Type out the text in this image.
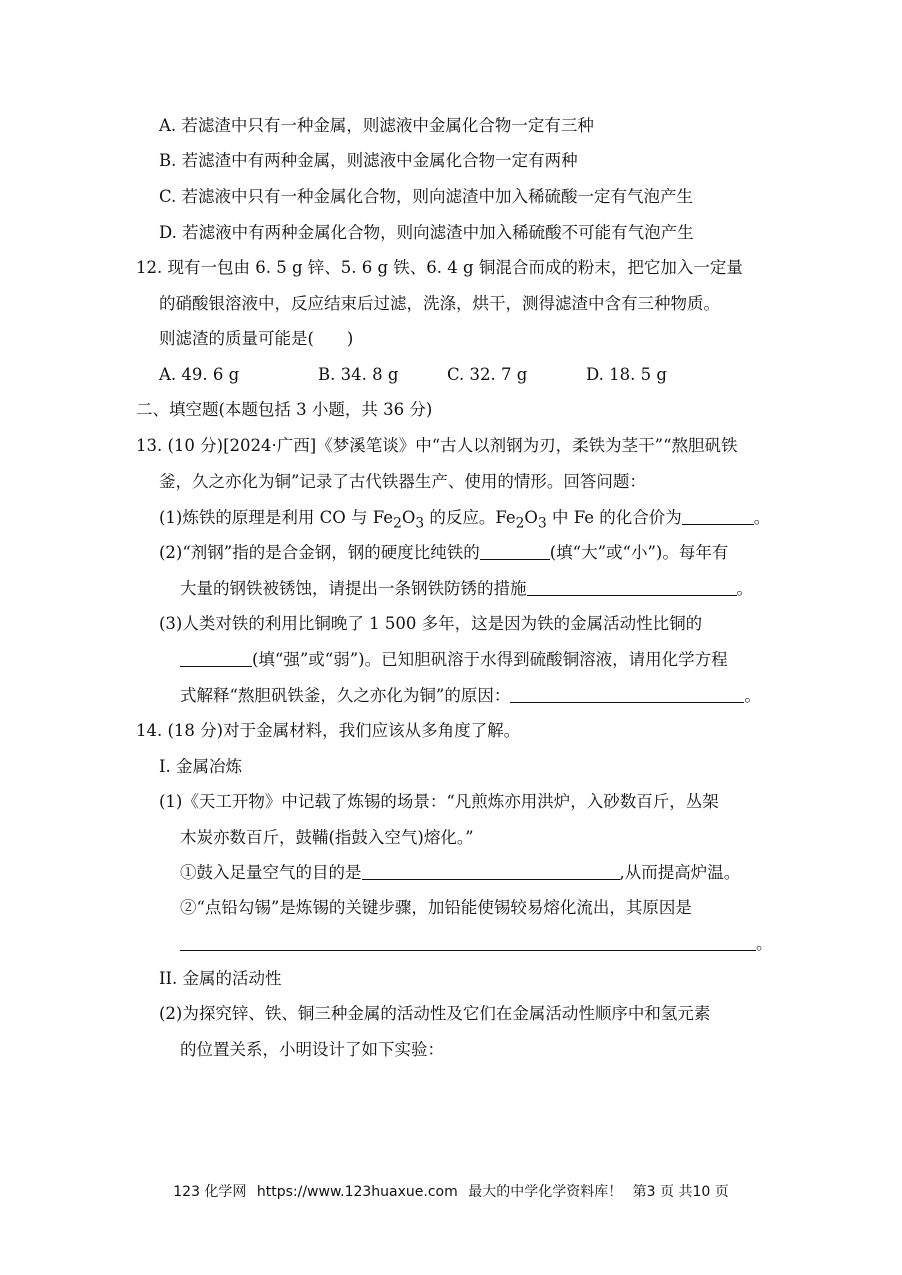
A. 若滤渣中只有一种金属，则滤液中金属化合物一定有三种
B. 若滤渣中有两种金属，则滤液中金属化合物一定有两种
C. 若滤液中只有一种金属化合物，则向滤渣中加入稀硫酸一定有气泡产生
D. 若滤液中有两种金属化合物，则向滤渣中加入稀硫酸不可能有气泡产生
12. 现有一包由 6. 5 g 锌、5. 6 g 铁、6. 4 g 铜混合而成的粉末，把它加入一定量
的硝酸银溶液中，反应结束后过滤，洗涤，烘干，测得滤渣中含有三种物质。
则滤渣的质量可能是(　　)
A. 49. 6 g	B. 34. 8 g	C. 32. 7 g	D. 18. 5 g
二、填空题(本题包括 3 小题，共 36 分)
13. (10 分)[2024·广西]《梦溪笔谈》中“古人以剂钢为刃，柔铁为茎干”“熬胆矾铁
釜，久之亦化为铜”记录了古代铁器生产、使用的情形。回答问题：
(1)炼铁的原理是利用 CO 与 $Fe_2O_3$ 的反应。$Fe_2O_3$ 中 Fe 的化合价为	。
(2)“剂钢”指的是合金钢，钢的硬度比纯铁的	(填“大”或“小”)。每年有
大量的钢铁被锈蚀，请提出一条钢铁防锈的措施	。
(3)人类对铁的利用比铜晚了 1 500 多年，这是因为铁的金属活动性比铜的
(填“强”或“弱”)。已知胆矾溶于水得到硫酸铜溶液，请用化学方程
式解释“熬胆矾铁釜，久之亦化为铜”的原因：	。
14. (18 分)对于金属材料，我们应该从多角度了解。
I. 金属冶炼
(1)《天工开物》中记载了炼锡的场景：“凡煎炼亦用洪炉，入砂数百斤，丛架
木炭亦数百斤，鼓鞴(指鼓入空气)熔化。”
①鼓入足量空气的目的是	,从而提高炉温。
②“点铅勾锡”是炼锡的关键步骤，加铅能使锡较易熔化流出，其原因是
。
II. 金属的活动性
(2)为探究锌、铁、铜三种金属的活动性及它们在金属活动性顺序中和氢元素
的位置关系，小明设计了如下实验：
123 化学网 https://www.123huaxue.com 最大的中学化学资料库！ 第3 页 共10 页
